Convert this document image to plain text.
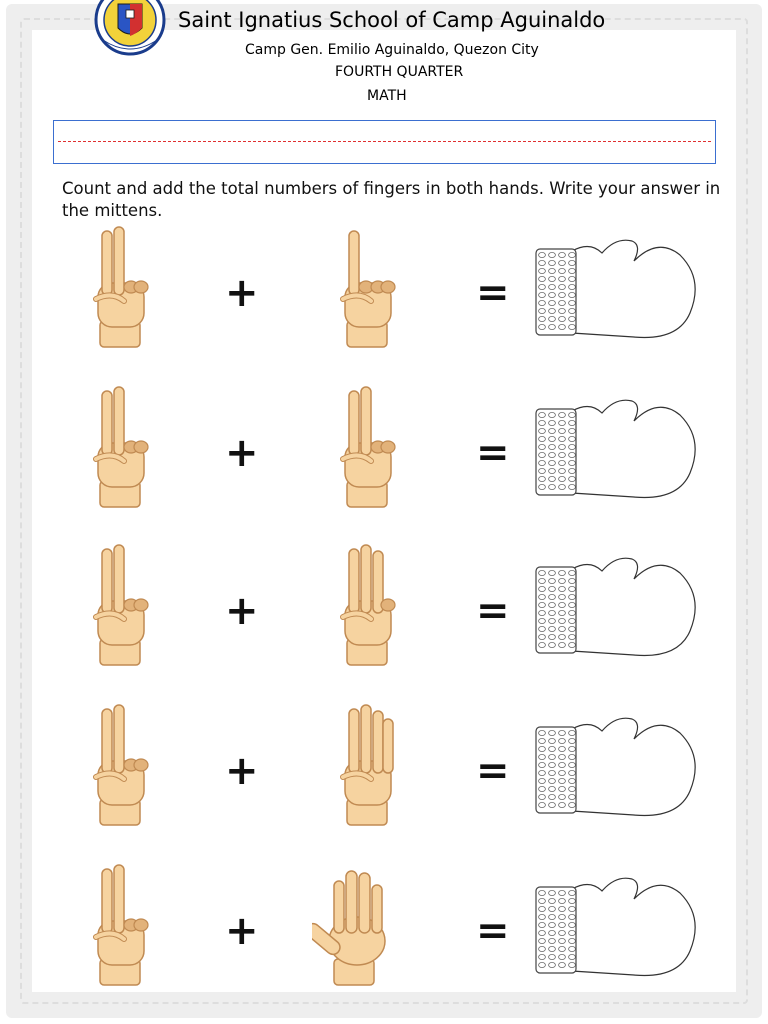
Saint Ignatius School of Camp Aguinaldo
Camp Gen. Emilio Aguinaldo, Quezon City
FOURTH QUARTER
MATH
Count and add the total numbers of fingers in both hands. Write your answer in the mittens.
+	=
+	=
+	=
+	=
+	=
